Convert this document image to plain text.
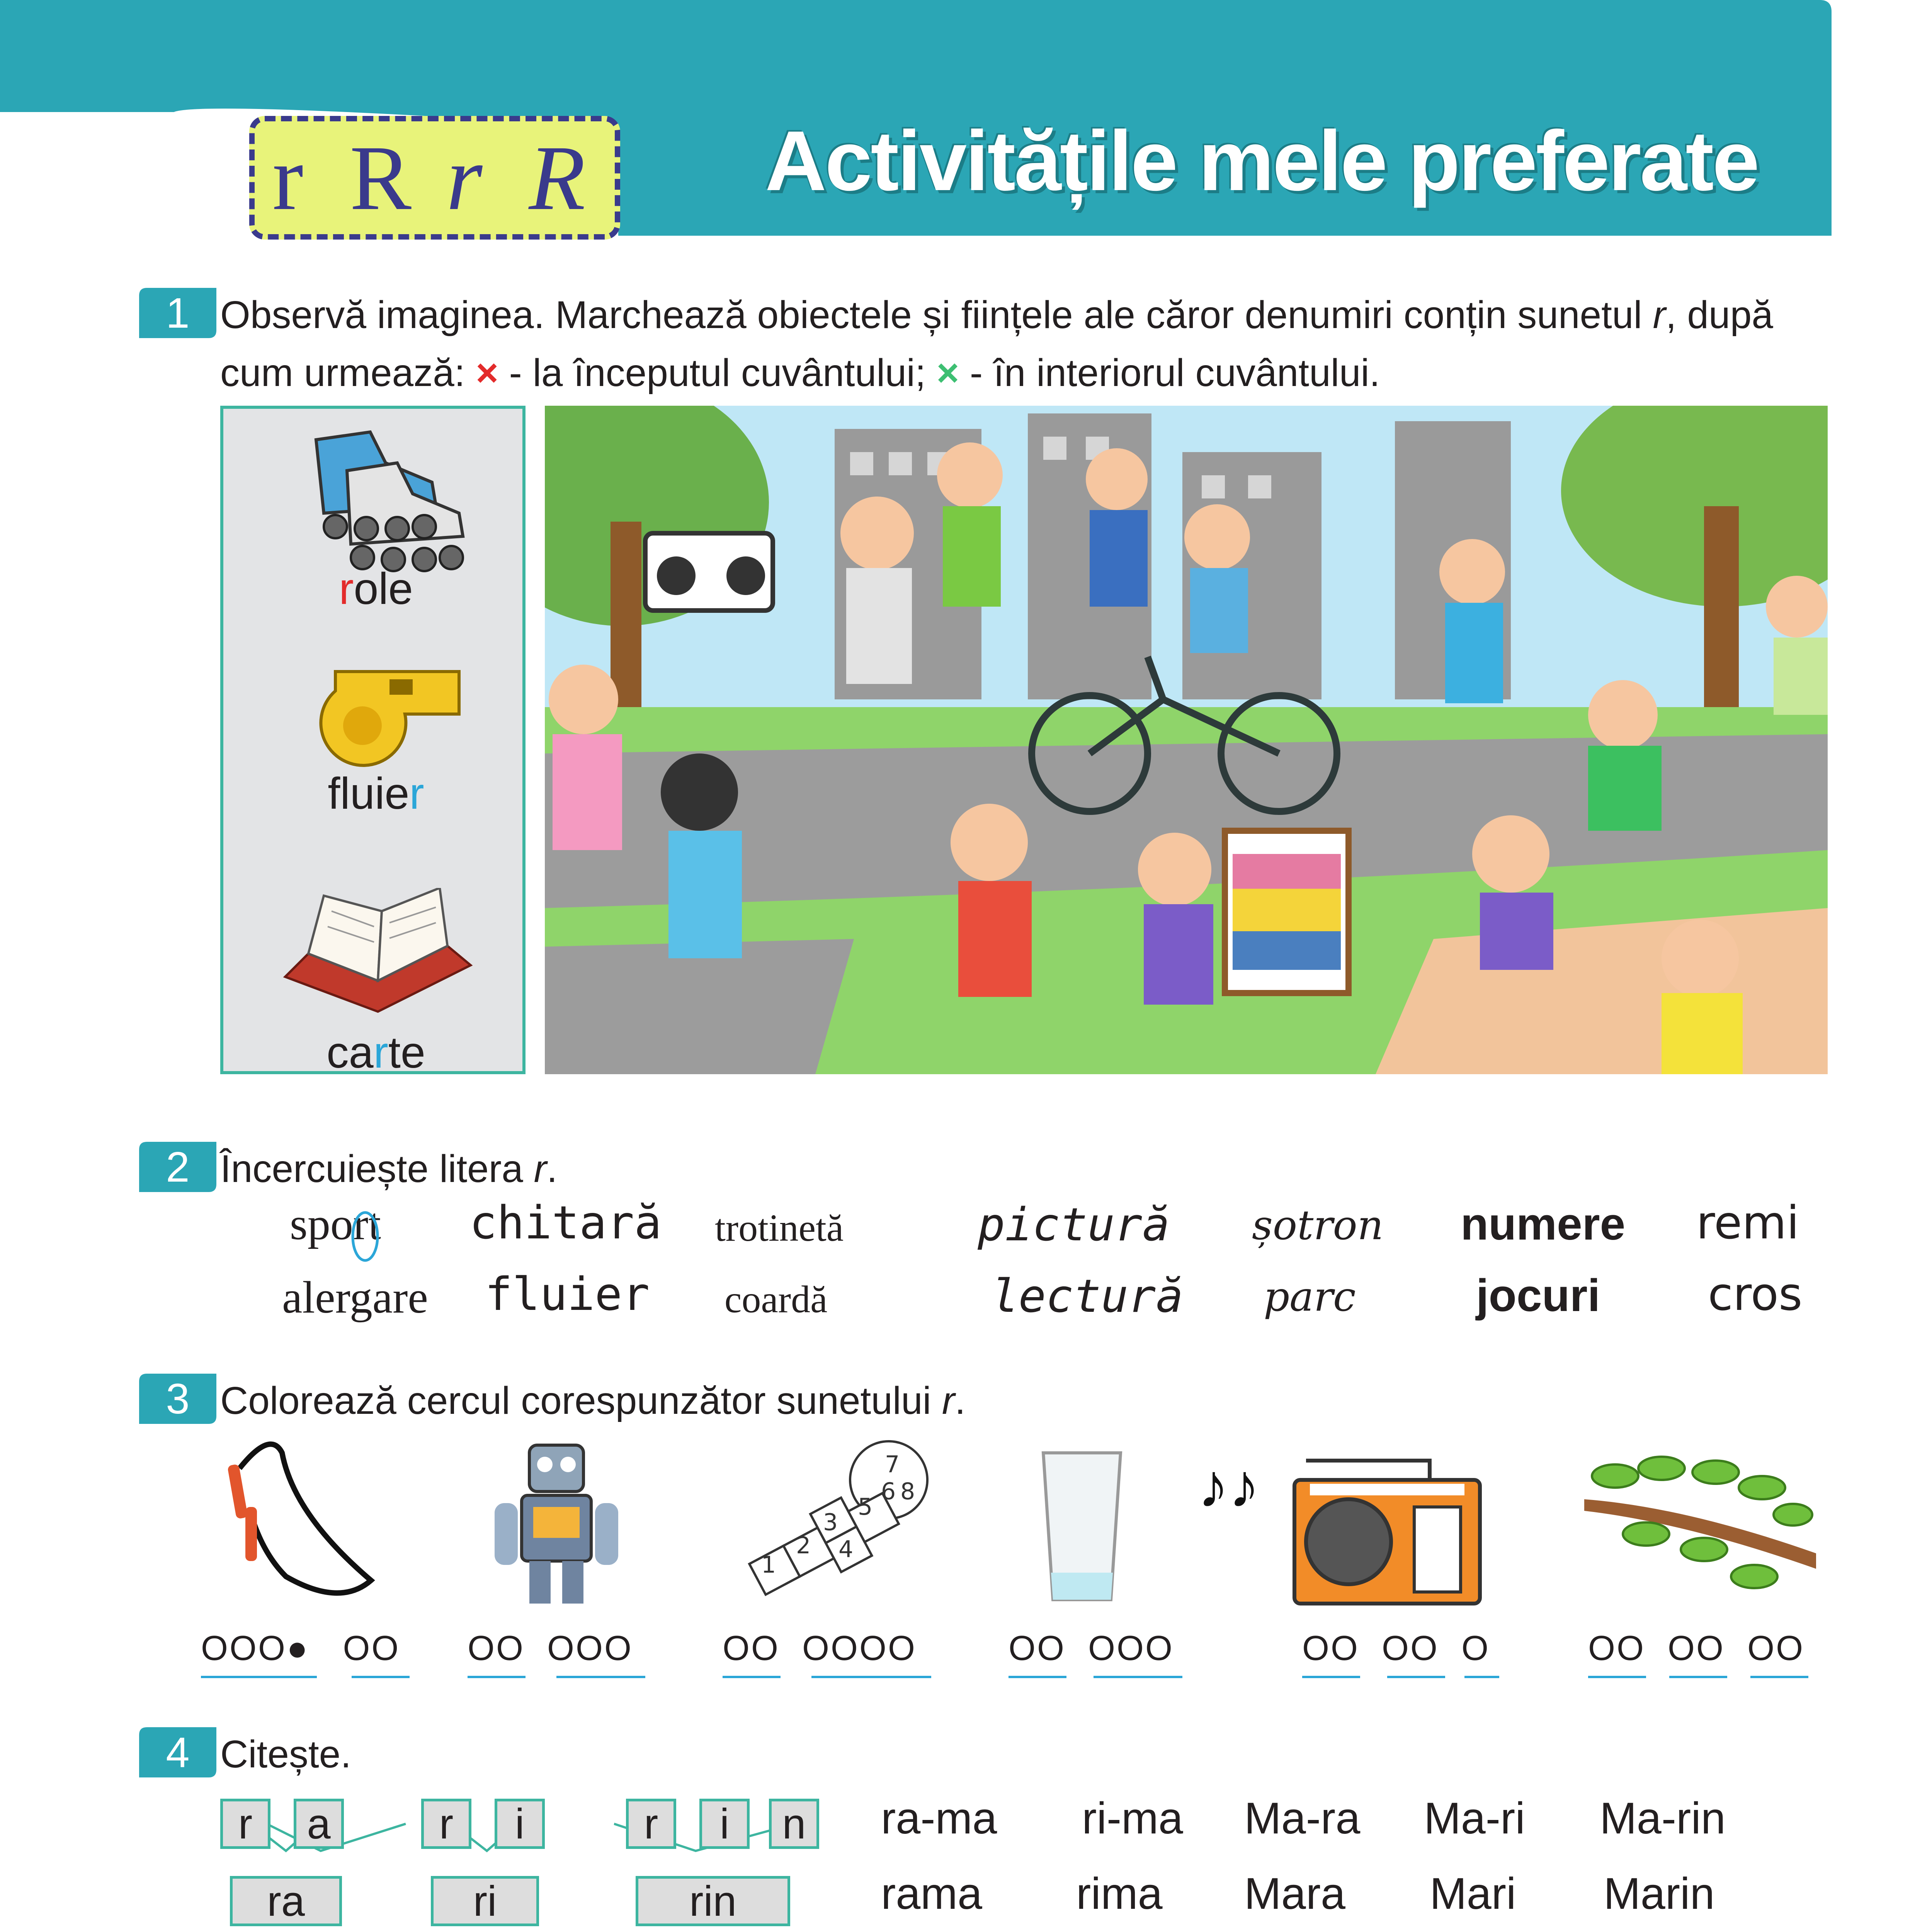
r R r R Activitățile mele preferate
1 Observă imaginea. Marchează obiectele și ființele ale căror denumiri conțin sunetul r, după
cum urmează: × - la începutul cuvântului; × - în interiorul cuvântului.
role
fluier
carte
2 Încercuiește litera r.
sport chitară trotinetă	pictură șotron numere remi
alergare fluier coardă	lectură parc	jocuri cros
3 Colorează cercul corespunzător sunetului r.
1
2
3
4
5
6
7
8	♪♪
OOO● OO OO OOO	OO OOOO	OO OOO	OO OO O	OO OO OO
4 Citește.
r	a
ra
r	i
ri
r	i	n
rin
ra-ma ri-ma Ma-ra Ma-ri Ma-rin
rama rima Mara Mari Marin
